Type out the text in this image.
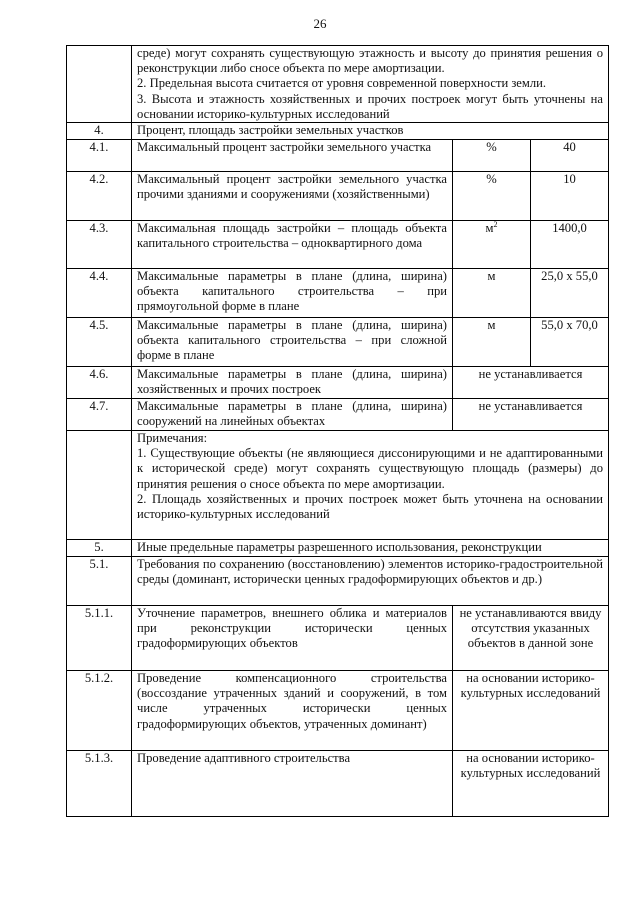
26

	среде) могут сохранять существующую этажность и высоту до принятия решения о реконструкции либо сносе объекта по мере амортизации.
2. Предельная высота считается от уровня современной поверхности земли.
3. Высота и этажность хозяйственных и прочих построек могут быть уточнены на основании историко-культурных исследований		

4.	Процент, площадь застройки земельных участков		
4.1.	Максимальный процент застройки земельного участка	%	40
4.2.	Максимальный процент застройки земельного участка прочими зданиями и сооружениями (хозяйственными)	%	10
4.3.	Максимальная площадь застройки – площадь объекта капитального строительства – одноквартирного дома	$м^2$	1400,0
4.4.	Максимальные параметры в плане (длина, ширина) объекта капитального строительства – при прямоугольной форме в плане	м	25,0 х 55,0
4.5.	Максимальные параметры в плане (длина, ширина) объекта капитального строительства – при сложной форме в плане	м	55,0 х 70,0
4.6.	Максимальные параметры в плане (длина, ширина) хозяйственных и прочих построек	не устанавливается	
4.7.	Максимальные параметры в плане (длина, ширина) сооружений на линейных объектах	не устанавливается	

	Примечания:
1. Существующие объекты (не являющиеся диссонирующими и не адаптированными к исторической среде) могут сохранять существующую площадь (размеры) до принятия решения о сносе объекта по мере амортизации.
2. Площадь хозяйственных и прочих построек может быть уточнена на основании историко-культурных исследований		

5.	Иные предельные параметры разрешенного использования, реконструкции		
5.1.	Требования по сохранению (восстановлению) элементов историко-градостроительной среды (доминант, исторически ценных градоформирующих объектов и др.)		
5.1.1.	Уточнение параметров, внешнего облика и материалов при реконструкции исторически ценных градоформирующих объектов	не устанавливаются ввиду отсутствия указанных объектов в данной зоне	
5.1.2.	Проведение компенсационного строительства (воссоздание утраченных зданий и сооружений, в том числе утраченных исторически ценных градоформирующих объектов, утраченных доминант)	на основании историко-культурных исследований	
5.1.3.	Проведение адаптивного строительства	на основании историко-культурных исследований	
